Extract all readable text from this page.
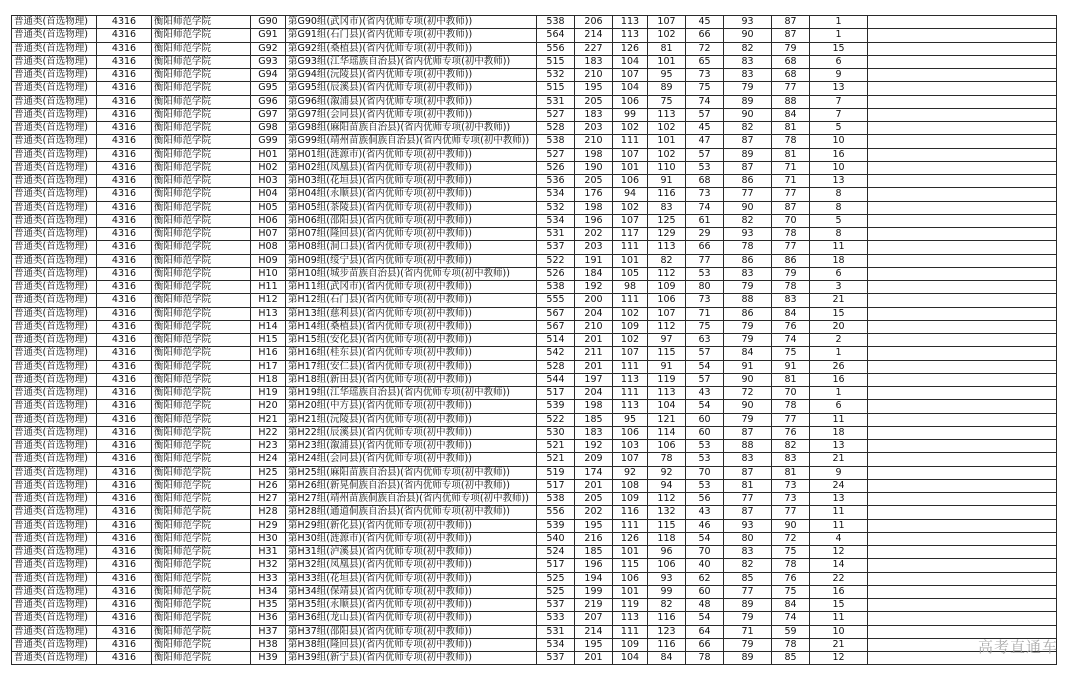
普通类(首选物理)	4316	衡阳师范学院	G90	第G90组(武冈市)(省内优师专项(初中教师))	538	206	113	107	45	93	87	1	
普通类(首选物理)	4316	衡阳师范学院	G91	第G91组(石门县)(省内优师专项(初中教师))	564	214	113	102	66	90	87	1	
普通类(首选物理)	4316	衡阳师范学院	G92	第G92组(桑植县)(省内优师专项(初中教师))	556	227	126	81	72	82	79	15	
普通类(首选物理)	4316	衡阳师范学院	G93	第G93组(江华瑶族自治县)(省内优师专项(初中教师))	515	183	104	101	65	83	68	6	
普通类(首选物理)	4316	衡阳师范学院	G94	第G94组(沅陵县)(省内优师专项(初中教师))	532	210	107	95	73	83	68	9	
普通类(首选物理)	4316	衡阳师范学院	G95	第G95组(辰溪县)(省内优师专项(初中教师))	515	195	104	89	75	79	77	13	
普通类(首选物理)	4316	衡阳师范学院	G96	第G96组(溆浦县)(省内优师专项(初中教师))	531	205	106	75	74	89	88	7	
普通类(首选物理)	4316	衡阳师范学院	G97	第G97组(会同县)(省内优师专项(初中教师))	527	183	99	113	57	90	84	7	
普通类(首选物理)	4316	衡阳师范学院	G98	第G98组(麻阳苗族自治县)(省内优师专项(初中教师))	528	203	102	102	45	82	81	5	
普通类(首选物理)	4316	衡阳师范学院	G99	第G99组(靖州苗族侗族自治县)(省内优师专项(初中教师))	538	210	111	101	47	87	78	10	
普通类(首选物理)	4316	衡阳师范学院	H01	第H01组(涟源市)(省内优师专项(初中教师))	527	198	107	102	57	89	81	16	
普通类(首选物理)	4316	衡阳师范学院	H02	第H02组(凤凰县)(省内优师专项(初中教师))	526	190	101	110	53	87	71	10	
普通类(首选物理)	4316	衡阳师范学院	H03	第H03组(花垣县)(省内优师专项(初中教师))	536	205	106	91	68	86	71	13	
普通类(首选物理)	4316	衡阳师范学院	H04	第H04组(永顺县)(省内优师专项(初中教师))	534	176	94	116	73	77	77	8	
普通类(首选物理)	4316	衡阳师范学院	H05	第H05组(茶陵县)(省内优师专项(初中教师))	532	198	102	83	74	90	87	8	
普通类(首选物理)	4316	衡阳师范学院	H06	第H06组(邵阳县)(省内优师专项(初中教师))	534	196	107	125	61	82	70	5	
普通类(首选物理)	4316	衡阳师范学院	H07	第H07组(隆回县)(省内优师专项(初中教师))	531	202	117	129	29	93	78	8	
普通类(首选物理)	4316	衡阳师范学院	H08	第H08组(洞口县)(省内优师专项(初中教师))	537	203	111	113	66	78	77	11	
普通类(首选物理)	4316	衡阳师范学院	H09	第H09组(绥宁县)(省内优师专项(初中教师))	522	191	101	82	77	86	86	18	
普通类(首选物理)	4316	衡阳师范学院	H10	第H10组(城步苗族自治县)(省内优师专项(初中教师))	526	184	105	112	53	83	79	6	
普通类(首选物理)	4316	衡阳师范学院	H11	第H11组(武冈市)(省内优师专项(初中教师))	538	192	98	109	80	79	78	3	
普通类(首选物理)	4316	衡阳师范学院	H12	第H12组(石门县)(省内优师专项(初中教师))	555	200	111	106	73	88	83	21	
普通类(首选物理)	4316	衡阳师范学院	H13	第H13组(慈利县)(省内优师专项(初中教师))	567	204	102	107	71	86	84	15	
普通类(首选物理)	4316	衡阳师范学院	H14	第H14组(桑植县)(省内优师专项(初中教师))	567	210	109	112	75	79	76	20	
普通类(首选物理)	4316	衡阳师范学院	H15	第H15组(安化县)(省内优师专项(初中教师))	514	201	102	97	63	79	74	2	
普通类(首选物理)	4316	衡阳师范学院	H16	第H16组(桂东县)(省内优师专项(初中教师))	542	211	107	115	57	84	75	1	
普通类(首选物理)	4316	衡阳师范学院	H17	第H17组(安仁县)(省内优师专项(初中教师))	528	201	111	91	54	91	91	26	
普通类(首选物理)	4316	衡阳师范学院	H18	第H18组(新田县)(省内优师专项(初中教师))	544	197	113	119	57	90	81	16	
普通类(首选物理)	4316	衡阳师范学院	H19	第H19组(江华瑶族自治县)(省内优师专项(初中教师))	517	204	111	113	43	72	70	1	
普通类(首选物理)	4316	衡阳师范学院	H20	第H20组(中方县)(省内优师专项(初中教师))	539	198	113	104	54	90	78	6	
普通类(首选物理)	4316	衡阳师范学院	H21	第H21组(沅陵县)(省内优师专项(初中教师))	522	185	95	121	60	79	77	11	
普通类(首选物理)	4316	衡阳师范学院	H22	第H22组(辰溪县)(省内优师专项(初中教师))	530	183	106	114	60	87	76	18	
普通类(首选物理)	4316	衡阳师范学院	H23	第H23组(溆浦县)(省内优师专项(初中教师))	521	192	103	106	53	88	82	13	
普通类(首选物理)	4316	衡阳师范学院	H24	第H24组(会同县)(省内优师专项(初中教师))	521	209	107	78	53	83	83	21	
普通类(首选物理)	4316	衡阳师范学院	H25	第H25组(麻阳苗族自治县)(省内优师专项(初中教师))	519	174	92	92	70	87	81	9	
普通类(首选物理)	4316	衡阳师范学院	H26	第H26组(新晃侗族自治县)(省内优师专项(初中教师))	517	201	108	94	53	81	73	24	
普通类(首选物理)	4316	衡阳师范学院	H27	第H27组(靖州苗族侗族自治县)(省内优师专项(初中教师))	538	205	109	112	56	77	73	13	
普通类(首选物理)	4316	衡阳师范学院	H28	第H28组(通道侗族自治县)(省内优师专项(初中教师))	556	202	116	132	43	87	77	11	
普通类(首选物理)	4316	衡阳师范学院	H29	第H29组(新化县)(省内优师专项(初中教师))	539	195	111	115	46	93	90	11	
普通类(首选物理)	4316	衡阳师范学院	H30	第H30组(涟源市)(省内优师专项(初中教师))	540	216	126	118	54	80	72	4	
普通类(首选物理)	4316	衡阳师范学院	H31	第H31组(泸溪县)(省内优师专项(初中教师))	524	185	101	96	70	83	75	12	
普通类(首选物理)	4316	衡阳师范学院	H32	第H32组(凤凰县)(省内优师专项(初中教师))	517	196	115	106	40	82	78	14	
普通类(首选物理)	4316	衡阳师范学院	H33	第H33组(花垣县)(省内优师专项(初中教师))	525	194	106	93	62	85	76	22	
普通类(首选物理)	4316	衡阳师范学院	H34	第H34组(保靖县)(省内优师专项(初中教师))	525	199	101	99	60	77	75	16	
普通类(首选物理)	4316	衡阳师范学院	H35	第H35组(永顺县)(省内优师专项(初中教师))	537	219	119	82	48	89	84	15	
普通类(首选物理)	4316	衡阳师范学院	H36	第H36组(龙山县)(省内优师专项(初中教师))	533	207	113	116	54	79	74	11	
普通类(首选物理)	4316	衡阳师范学院	H37	第H37组(邵阳县)(省内优师专项(初中教师))	531	214	111	123	64	71	59	10	
普通类(首选物理)	4316	衡阳师范学院	H38	第H38组(隆回县)(省内优师专项(初中教师))	534	195	109	116	66	79	78	21	
普通类(首选物理)	4316	衡阳师范学院	H39	第H39组(新宁县)(省内优师专项(初中教师))	537	201	104	84	78	89	85	12	
高考直通车
